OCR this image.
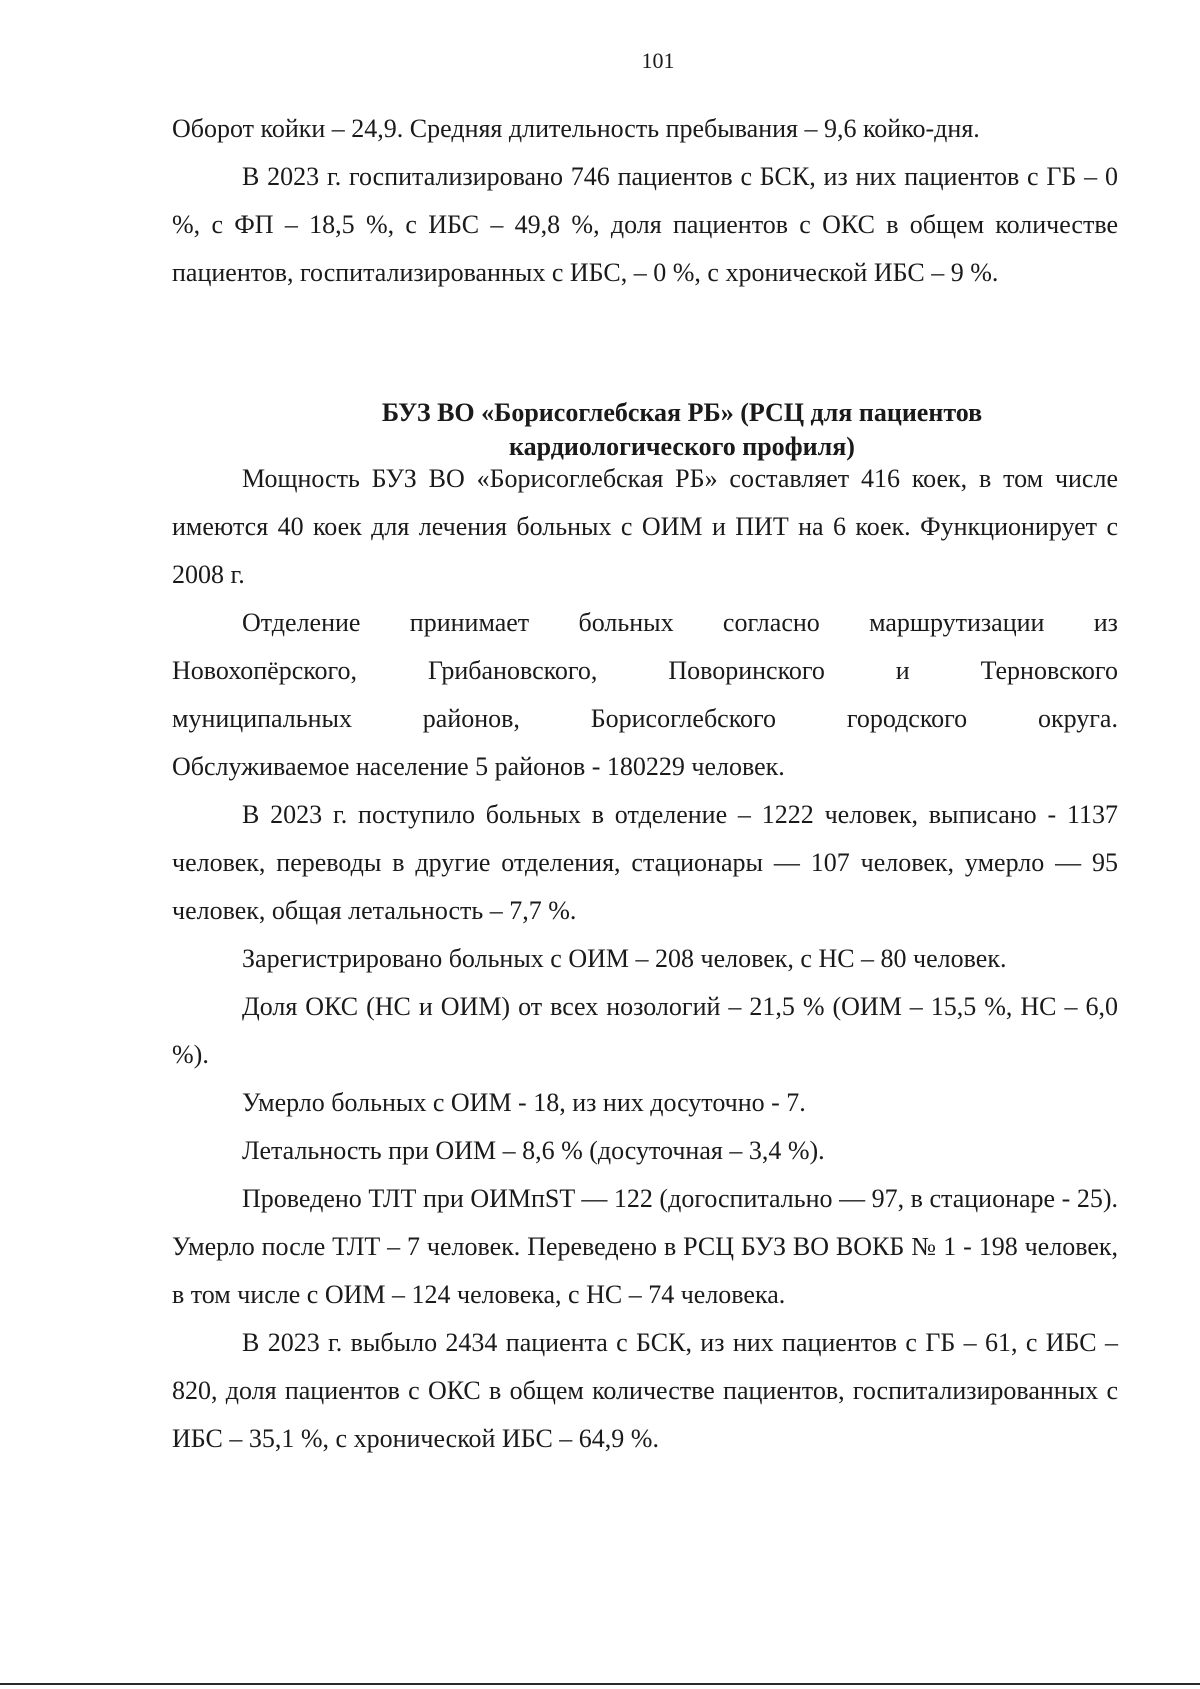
101

Оборот койки – 24,9. Средняя длительность пребывания – 9,6 койко-дня.

В 2023 г. госпитализировано 746 пациентов с БСК, из них пациентов с ГБ – 0 %, с ФП – 18,5 %, с ИБС – 49,8 %, доля пациентов с ОКС в общем количестве пациентов, госпитализированных с ИБС, – 0 %, с хронической ИБС – 9 %.

БУЗ ВО «Борисоглебская РБ» (РСЦ для пациентов
кардиологического профиля)

Мощность БУЗ ВО «Борисоглебская РБ» составляет 416 коек, в том числе имеются 40 коек для лечения больных с ОИМ и ПИТ на 6 коек. Функционирует с 2008 г.

Отделение принимает больных согласно маршрутизации из
Новохопёрского,	Грибановского,	Поворинского	и	Терновского
муниципальных	районов,	Борисоглебского	городского	округа.
Обслуживаемое население 5 районов - 180229 человек.

В 2023 г. поступило больных в отделение – 1222 человек, выписано - 1137 человек, переводы в другие отделения, стационары — 107 человек, умерло — 95 человек, общая летальность – 7,7 %.

Зарегистрировано больных с ОИМ – 208 человек, с НС – 80 человек.

Доля ОКС (НС и ОИМ) от всех нозологий – 21,5 % (ОИМ – 15,5 %, НС – 6,0 %).

Умерло больных с ОИМ - 18, из них досуточно - 7.

Летальность при ОИМ – 8,6 % (досуточная – 3,4 %).

Проведено ТЛТ при ОИМпST — 122 (догоспитально — 97, в стационаре - 25). Умерло после ТЛТ – 7 человек. Переведено в РСЦ БУЗ ВО ВОКБ № 1 - 198 человек, в том числе с ОИМ – 124 человека, с НС – 74 человека.

В 2023 г. выбыло 2434 пациента с БСК, из них пациентов с ГБ – 61, с ИБС – 820, доля пациентов с ОКС в общем количестве пациентов, госпитализированных с ИБС – 35,1 %, с хронической ИБС – 64,9 %.
